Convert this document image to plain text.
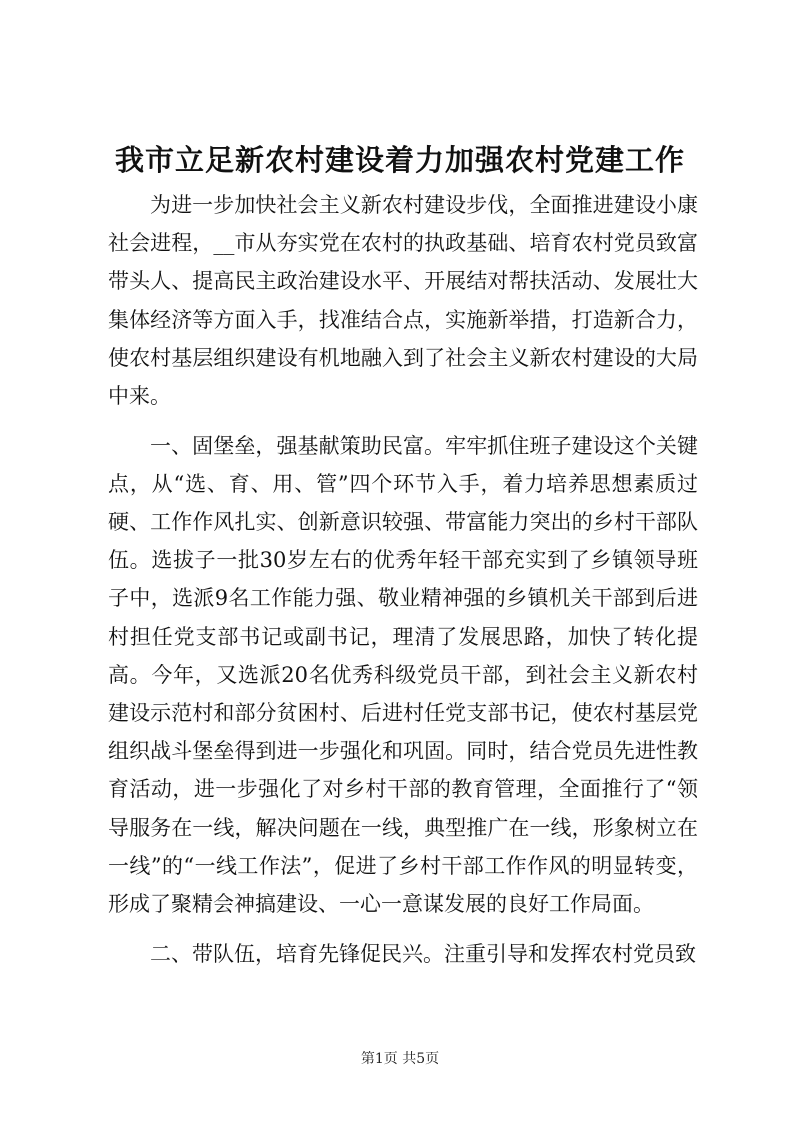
我市立足新农村建设着力加强农村党建工作

为进一步加快社会主义新农村建设步伐，全面推进建设小康社会进程，__市从夯实党在农村的执政基础、培育农村党员致富带头人、提高民主政治建设水平、开展结对帮扶活动、发展壮大集体经济等方面入手，找准结合点，实施新举措，打造新合力，使农村基层组织建设有机地融入到了社会主义新农村建设的大局中来。

一、固堡垒，强基献策助民富。牢牢抓住班子建设这个关键点，从“选、育、用、管”四个环节入手，着力培养思想素质过硬、工作作风扎实、创新意识较强、带富能力突出的乡村干部队伍。选拔子一批30岁左右的优秀年轻干部充实到了乡镇领导班子中，选派9名工作能力强、敬业精神强的乡镇机关干部到后进村担任党支部书记或副书记，理清了发展思路，加快了转化提高。今年，又选派20名优秀科级党员干部，到社会主义新农村建设示范村和部分贫困村、后进村任党支部书记，使农村基层党组织战斗堡垒得到进一步强化和巩固。同时，结合党员先进性教育活动，进一步强化了对乡村干部的教育管理，全面推行了“领导服务在一线，解决问题在一线，典型推广在一线，形象树立在一线”的“一线工作法”，促进了乡村干部工作作风的明显转变，形成了聚精会神搞建设、一心一意谋发展的良好工作局面。

二、带队伍，培育先锋促民兴。注重引导和发挥农村党员致

第1页 共5页
